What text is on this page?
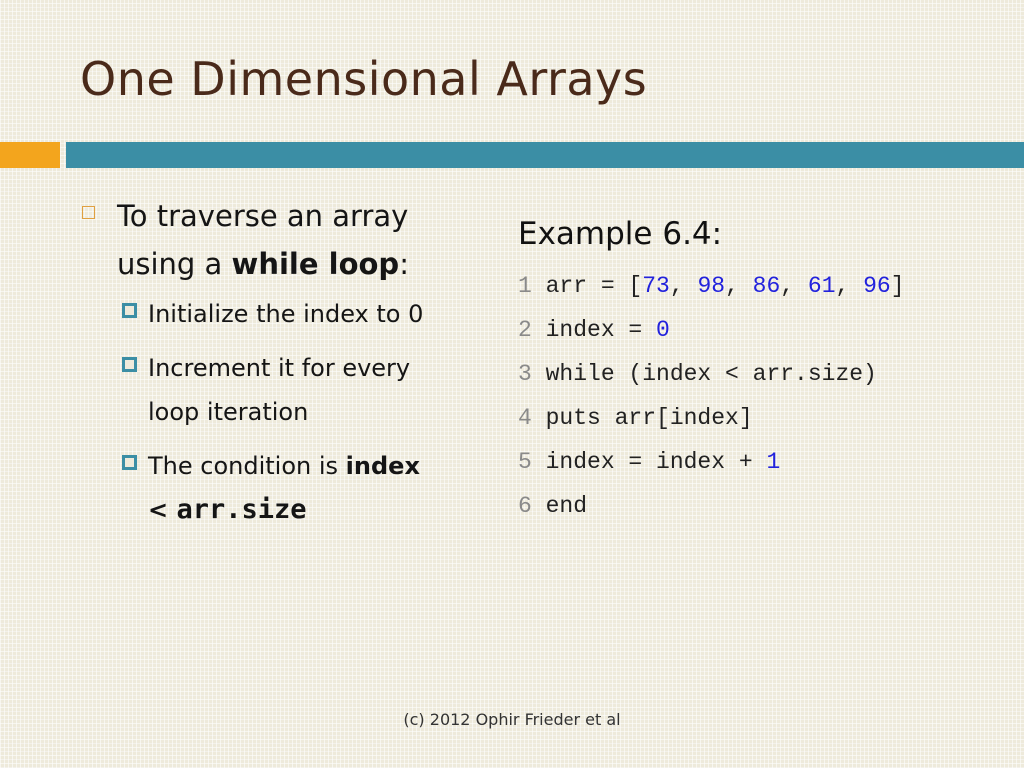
One Dimensional Arrays
To traverse an array
using a while loop:
Initialize the index to 0
Increment it for every
loop iteration
The condition is index
< arr.size
Example 6.4:
1 arr = [73, 98, 86, 61, 96]
2 index = 0
3 while (index < arr.size)
4 puts arr[index]
5 index = index + 1
6 end
(c) 2012 Ophir Frieder et al
